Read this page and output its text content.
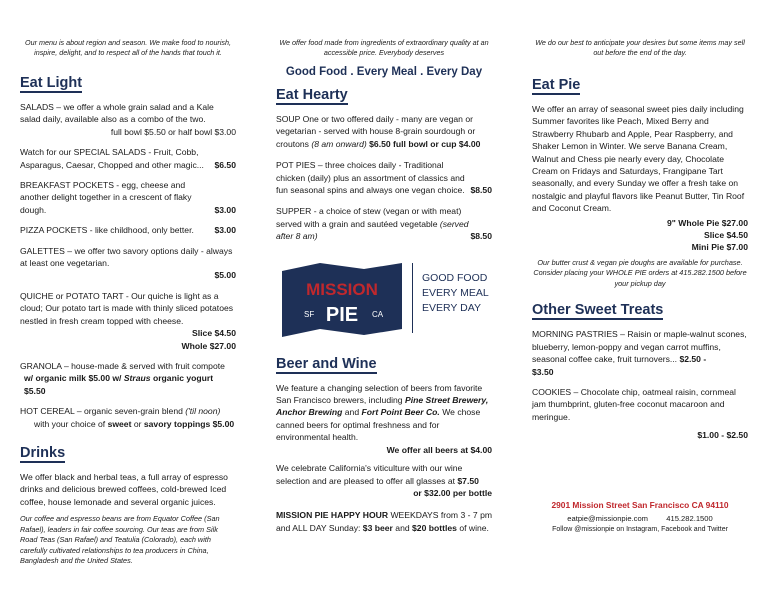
Our menu is about region and season. We make food to nourish, inspire, delight, and to respect all of the hands that touch it.
Eat Light

SALADS – we offer a whole grain salad and a Kale salad daily, available also as a combo of the two.

full bowl $5.50 or half bowl $3.00

Watch for our SPECIAL SALADS - Fruit, Cobb, Asparagus, Caesar, Chopped and other magic...	$6.50

BREAKFAST POCKETS - egg, cheese and another delight together in a crescent of flaky dough.	$3.00

PIZZA POCKETS - like childhood, only better.	$3.00

GALETTES – we offer two savory options daily - always at least one vegetarian.

$5.00

QUICHE or POTATO TART - Our quiche is light as a cloud; Our potato tart is made with thinly sliced potatoes nestled in fresh cream topped with cheese.

Slice $4.50

Whole $27.00

GRANOLA – house-made & served with fruit compote

w/ organic milk $5.00 w/ Straus organic yogurt $5.50

HOT CEREAL – organic seven-grain blend ('til noon)

with your choice of sweet or savory toppings $5.00

Drinks

We offer black and herbal teas, a full array of espresso drinks and delicious brewed coffees, cold-brewed Iced coffee, house lemonade and several organic juices.

Our coffee and espresso beans are from Equator Coffee (San Rafael), leaders in fair coffee sourcing. Our teas are from Silk Road Teas (San Rafael) and Teatulia (Colorado), each with carefully cultivated relationships to tea producers in China, Bangladesh and the United States.

We offer food made from ingredients of extraordinary quality at an accessible price. Everybody deserves
Good Food . Every Meal . Every Day
Eat Hearty

SOUP One or two offered daily - many are vegan or vegetarian - served with house 8-grain sourdough or croutons (8 am onward) $6.50 full bowl or cup $4.00

POT PIES – three choices daily - Traditional chicken (daily) plus an assortment of classics and fun seasonal spins and always one vegan choice. $8.50

SUPPER - a choice of stew (vegan or with meat) served with a grain and sautéed vegetable (served after 8 am)	$8.50

MISSION
SF PIE CA
GOOD FOOD
EVERY MEAL
EVERY DAY
Beer and Wine

We feature a changing selection of beers from favorite San Francisco brewers, including Pine Street Brewery, Anchor Brewing and Fort Point Beer Co. We chose canned beers for optimal freshness and for environmental health.

We offer all beers at $4.00

We celebrate California's viticulture with our wine selection and are pleased to offer all glasses at $7.50

or $32.00 per bottle

MISSION PIE HAPPY HOUR WEEKDAYS from 3 - 7 pm and ALL DAY Sunday: $3 beer and $20 bottles of wine.

We do our best to anticipate your desires but some items may sell out before the end of the day.
Eat Pie

We offer an array of seasonal sweet pies daily including Summer favorites like Peach, Mixed Berry and Strawberry Rhubarb and Apple, Pear Raspberry, and Shaker Lemon in Winter. We serve Banana Cream, Walnut and Chess pie nearly every day, Chocolate Cream on Fridays and Saturdays, Frangipane Tart seasonally, and every Sunday we offer a fresh take on nostalgic and playful flavors like Peanut Butter, Tin Roof and Coconut Cream.

9" Whole Pie $27.00

Slice $4.50

Mini Pie $7.00

Our butter crust & vegan pie doughs are available for purchase. Consider placing your WHOLE PIE orders at 415.282.1500 before your pickup day

Other Sweet Treats

MORNING PASTRIES – Raisin or maple-walnut scones, blueberry, lemon-poppy and vegan carrot muffins, seasonal coffee cake, fruit turnovers... $2.50 -

$3.50

COOKIES – Chocolate chip, oatmeal raisin, cornmeal jam thumbprint, gluten-free coconut macaroon and meringue.

$1.00 - $2.50

2901 Mission Street San Francisco CA 94110
eatpie@missionpie.com 415.282.1500
Follow @missionpie on Instagram, Facebook and Twitter
